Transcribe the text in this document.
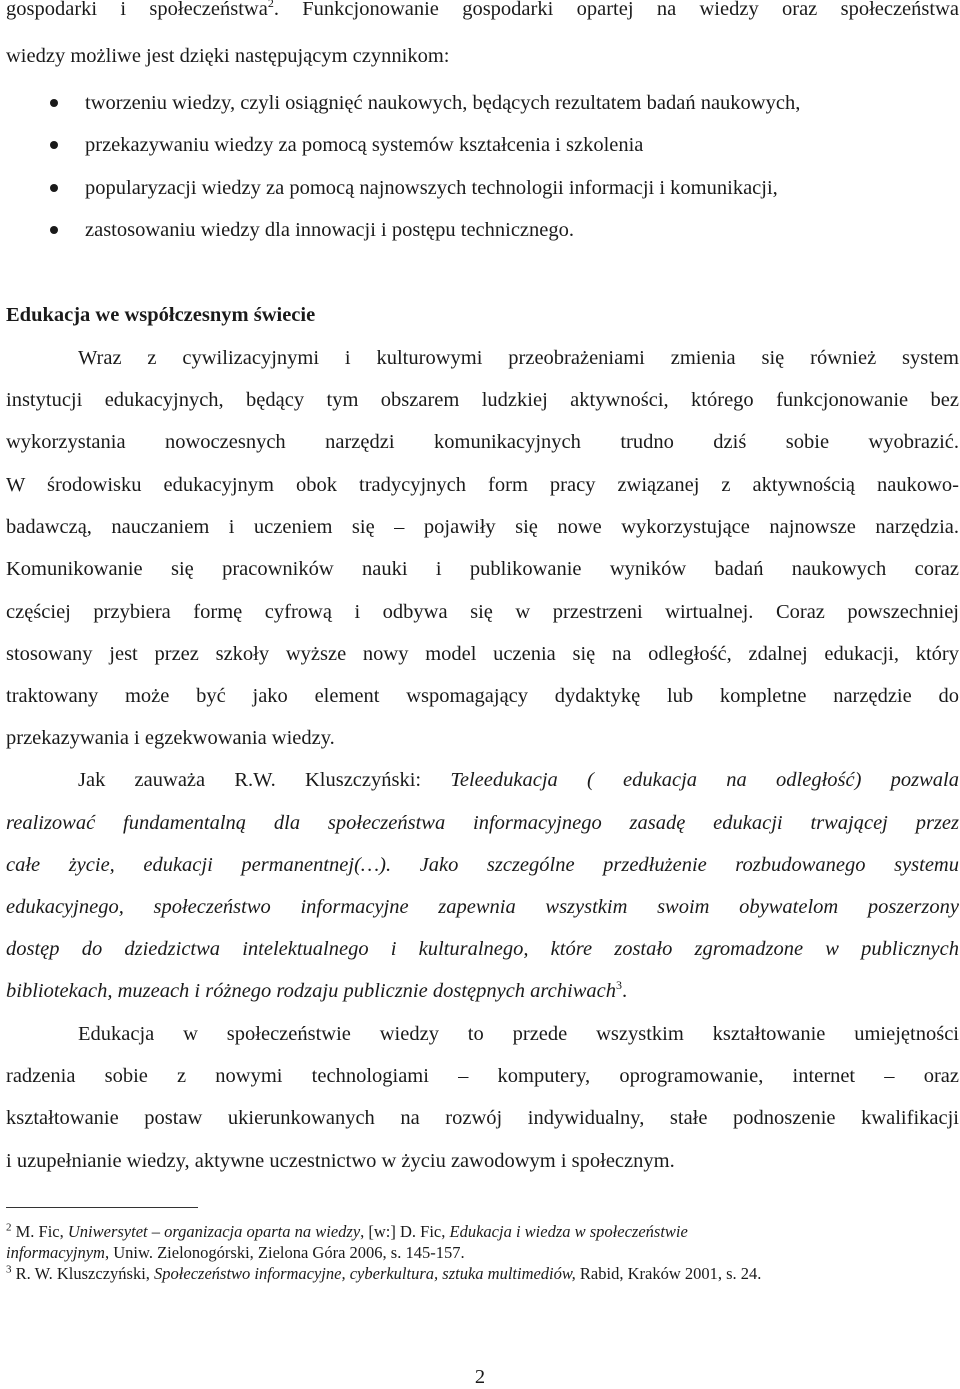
gospodarki i społeczeństwa$^2$. Funkcjonowanie gospodarki opartej na wiedzy oraz społeczeństwa
wiedzy możliwe jest dzięki następującym czynnikom:
tworzeniu wiedzy, czyli osiągnięć naukowych, będących rezultatem badań naukowych,
przekazywaniu wiedzy za pomocą systemów kształcenia i szkolenia
popularyzacji wiedzy za pomocą najnowszych technologii informacji i komunikacji,
zastosowaniu wiedzy dla innowacji i postępu technicznego.
Edukacja we współczesnym świecie
Wraz z cywilizacyjnymi i kulturowymi przeobrażeniami zmienia się również system
instytucji edukacyjnych, będący tym obszarem ludzkiej aktywności, którego funkcjonowanie bez
wykorzystania nowoczesnych narzędzi komunikacyjnych trudno dziś sobie wyobrazić.
W środowisku edukacyjnym obok tradycyjnych form pracy związanej z aktywnością naukowo-
badawczą, nauczaniem i uczeniem się – pojawiły się nowe wykorzystujące najnowsze narzędzia.
Komunikowanie się pracowników nauki i publikowanie wyników badań naukowych coraz
częściej przybiera formę cyfrową i odbywa się w przestrzeni wirtualnej. Coraz powszechniej
stosowany jest przez szkoły wyższe nowy model uczenia się na odległość, zdalnej edukacji, który
traktowany może być jako element wspomagający dydaktykę lub kompletne narzędzie do
przekazywania i egzekwowania wiedzy.
Jak zauważa R.W. Kluszczyński: Teleedukacja ( edukacja na odległość) pozwala
realizować fundamentalną dla społeczeństwa informacyjnego zasadę edukacji trwającej przez
całe życie, edukacji permanentnej(…). Jako szczególne przedłużenie rozbudowanego systemu
edukacyjnego, społeczeństwo informacyjne zapewnia wszystkim swoim obywatelom poszerzony
dostęp do dziedzictwa intelektualnego i kulturalnego, które zostało zgromadzone w publicznych
bibliotekach, muzeach i różnego rodzaju publicznie dostępnych archiwach$^3$.
Edukacja w społeczeństwie wiedzy to przede wszystkim kształtowanie umiejętności
radzenia sobie z nowymi technologiami – komputery, oprogramowanie, internet – oraz
kształtowanie postaw ukierunkowanych na rozwój indywidualny, stałe podnoszenie kwalifikacji
i uzupełnianie wiedzy, aktywne uczestnictwo w życiu zawodowym i społecznym.
$^2$ M. Fic, Uniwersytet – organizacja oparta na wiedzy, [w:] D. Fic, Edukacja i wiedza w społeczeństwie
informacyjnym, Uniw. Zielonogórski, Zielona Góra 2006, s. 145-157.
$^3$ R. W. Kluszczyński, Społeczeństwo informacyjne, cyberkultura, sztuka multimediów, Rabid, Kraków 2001, s. 24.
2
